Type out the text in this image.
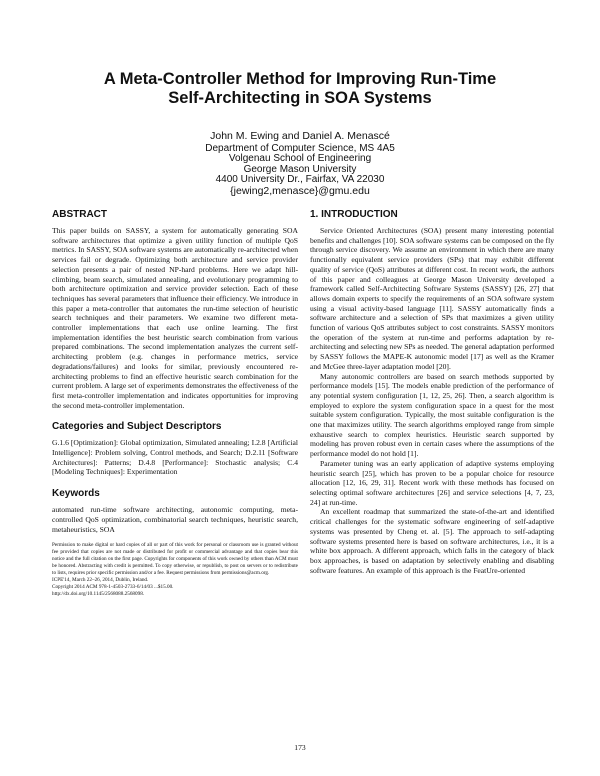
A Meta-Controller Method for Improving Run-Time
Self-Architecting in SOA Systems
John M. Ewing and Daniel A. Menascé
Department of Computer Science, MS 4A5
Volgenau School of Engineering
George Mason University
4400 University Dr., Fairfax, VA 22030
{jewing2,menasce}@gmu.edu
ABSTRACT

This paper builds on SASSY, a system for automatically generating SOA software architectures that optimize a given utility function of multiple QoS metrics. In SASSY, SOA software systems are automatically re-architected when services fail or degrade. Optimizing both architecture and service provider selection presents a pair of nested NP-hard problems. Here we adapt hill-climbing, beam search, simulated annealing, and evolutionary programming to both architecture optimization and service provider selection. Each of these techniques has several parameters that influence their efficiency. We introduce in this paper a meta-controller that automates the run-time selection of heuristic search techniques and their parameters. We examine two different meta-controller implementations that each use online learning. The first implementation identifies the best heuristic search combination from various prepared combinations. The second implementation analyzes the current self-architecting problem (e.g. changes in performance metrics, service degradations/failures) and looks for similar, previously encountered re-architecting problems to find an effective heuristic search combination for the current problem. A large set of experiments demonstrates the effectiveness of the first meta-controller implementation and indicates opportunities for improving the second meta-controller implementation.

Categories and Subject Descriptors

G.1.6 [Optimization]: Global optimization, Simulated annealing; I.2.8 [Artificial Intelligence]: Problem solving, Control methods, and Search; D.2.11 [Software Architectures]: Patterns; D.4.8 [Performance]: Stochastic analysis; C.4 [Modeling Techniques]: Experimentation

Keywords

automated run-time software architecting, autonomic computing, meta-controlled QoS optimization, combinatorial search techniques, heuristic search, metaheuristics, SOA

Permission to make digital or hard copies of all or part of this work for personal or classroom use is granted without fee provided that copies are not made or distributed for profit or commercial advantage and that copies bear this notice and the full citation on the first page. Copyrights for components of this work owned by others than ACM must be honored. Abstracting with credit is permitted. To copy otherwise, or republish, to post on servers or to redistribute to lists, requires prior specific permission and/or a fee. Request permissions from permissions@acm.org.
ICPE'14, March 22–26, 2014, Dublin, Ireland.
Copyright 2014 ACM 978-1-4503-2733-6/14/03 ...$15.00.
http://dx.doi.org/10.1145/2568088.2568098.
1. INTRODUCTION

Service Oriented Architectures (SOA) present many interesting potential benefits and challenges [10]. SOA software systems can be composed on the fly through service discovery. We assume an environment in which there are many functionally equivalent service providers (SPs) that may exhibit different quality of service (QoS) attributes at different cost. In recent work, the authors of this paper and colleagues at George Mason University developed a framework called Self-Architecting Software Systems (SASSY) [26, 27] that allows domain experts to specify the requirements of an SOA software system using a visual activity-based language [11]. SASSY automatically finds a software architecture and a selection of SPs that maximizes a given utility function of various QoS attributes subject to cost constraints. SASSY monitors the operation of the system at run-time and performs adaptation by re-architecting and selecting new SPs as needed. The general adaptation performed by SASSY follows the MAPE-K autonomic model [17] as well as the Kramer and McGee three-layer adaptation model [20].

Many autonomic controllers are based on search methods supported by performance models [15]. The models enable prediction of the performance of any potential system configuration [1, 12, 25, 26]. Then, a search algorithm is employed to explore the system configuration space in a quest for the most suitable system configuration. Typically, the most suitable configuration is the one that maximizes utility. The search algorithms employed range from simple exhaustive search to complex heuristics. Heuristic search supported by modeling has proven robust even in certain cases where the assumptions of the performance model do not hold [1].

Parameter tuning was an early application of adaptive systems employing heuristic search [25], which has proven to be a popular choice for resource allocation [12, 16, 29, 31]. Recent work with these methods has focused on selecting optimal software architectures [26] and service selections [4, 7, 23, 24] at run-time.

An excellent roadmap that summarized the state-of-the-art and identified critical challenges for the systematic software engineering of self-adaptive systems was presented by Cheng et. al. [5]. The approach to self-adapting software systems presented here is based on software architectures, i.e., it is a white box approach. A different approach, which falls in the category of black box approaches, is based on adaptation by selectively enabling and disabling software features. An example of this approach is the FeatUre-oriented

173
